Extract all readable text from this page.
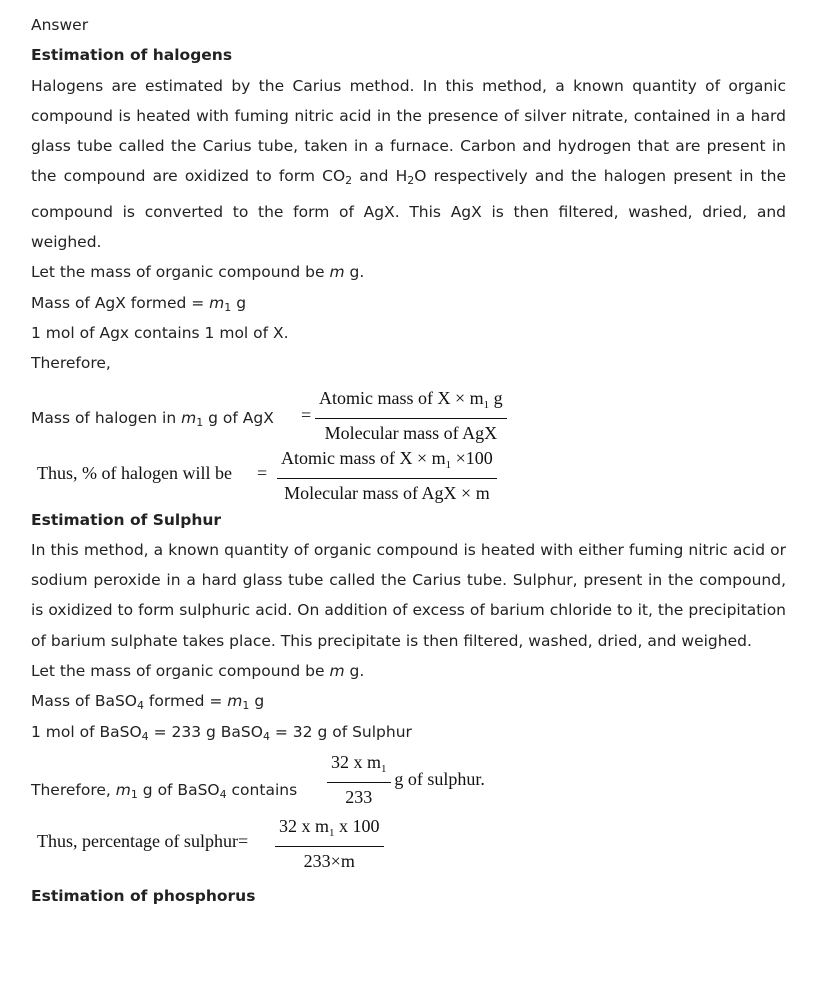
Answer
Estimation of halogens
Halogens are estimated by the Carius method. In this method, a known quantity of organic compound is heated with fuming nitric acid in the presence of silver nitrate, contained in a hard glass tube called the Carius tube, taken in a furnace. Carbon and hydrogen that are present in the compound are oxidized to form $CO_2$ and $H_2O$ respectively and the halogen present in the compound is converted to the form of AgX. This AgX is then filtered, washed, dried, and weighed.
Let the mass of organic compound be m g.
Mass of AgX formed = $m_1$ g
1 mol of Agx contains 1 mol of X.
Therefore,
Mass of halogen in $m_1$ g of AgX = $\frac{Atomic mass of X \times m_1 g}{\text{Molecular mass of AgX}}$
Thus, % of halogen will be =
Atomic mass of $X \times m_1 \times 100$
Molecular mass of AgX × m
Estimation of Sulphur
In this method, a known quantity of organic compound is heated with either fuming nitric acid or sodium peroxide in a hard glass tube called the Carius tube. Sulphur, present in the compound, is oxidized to form sulphuric acid. On addition of excess of barium chloride to it, the precipitation of barium sulphate takes place. This precipitate is then filtered, washed, dried, and weighed.
Let the mass of organic compound be m g.
Mass of BaSO$_4$ formed = $m_1$ g
1 mol of BaSO$_4$ = 233 g BaSO$_4$ = 32 g of Sulphur
Therefore, $m_1$ g of BaSO$_4$ contains $\frac{32 x m_1}{233}$ g of sulphur.
Thus, percentage of sulphur= $\frac{32 x m_1 x 100}{233\times m}$
Estimation of phosphorus
